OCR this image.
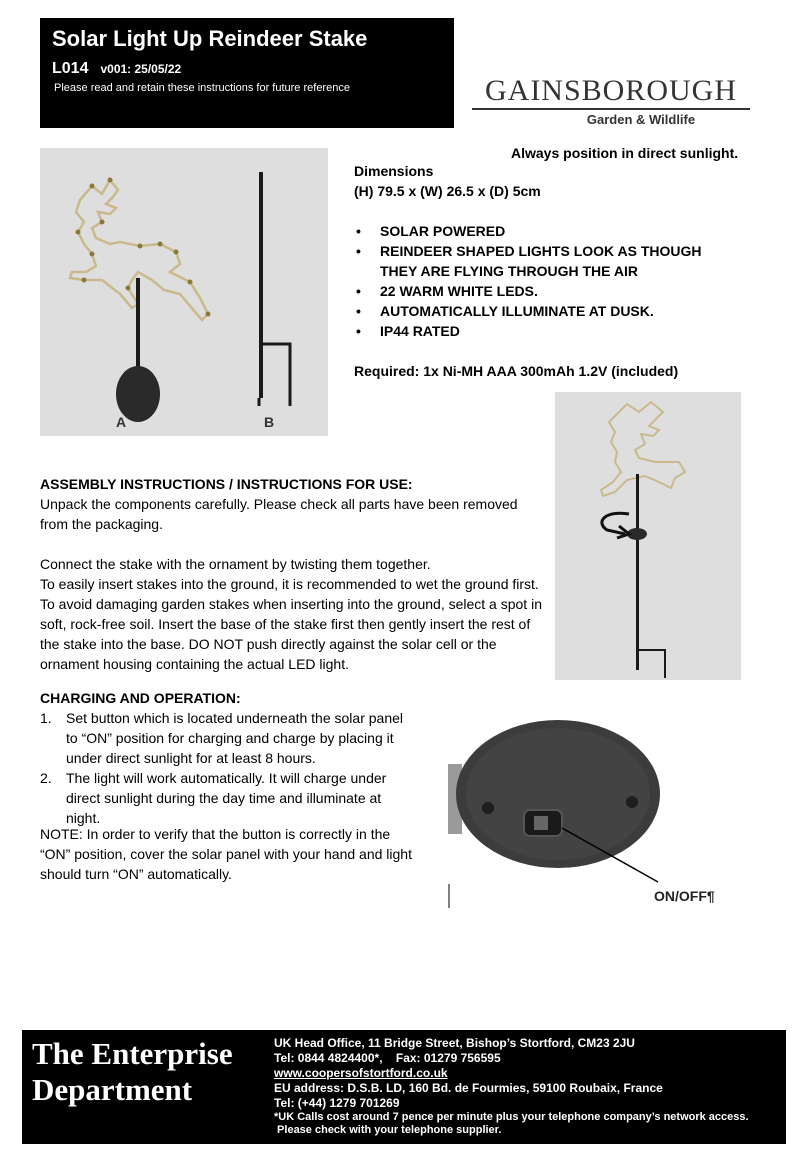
Solar Light Up Reindeer Stake
L014 v001: 25/05/22
Please read and retain these instructions for future reference	GAINSBOROUGH
Garden & Wildlife
A	B
Always position in direct sunlight.
Dimensions
(H) 79.5 x (W) 26.5 x (D) 5cm
• SOLAR POWERED
• REINDEER SHAPED LIGHTS LOOK AS THOUGH THEY ARE FLYING THROUGH THE AIR
• 22 WARM WHITE LEDS.
• AUTOMATICALLY ILLUMINATE AT DUSK.
• IP44 RATED
Required: 1x Ni-MH AAA 300mAh 1.2V (included)
ASSEMBLY INSTRUCTIONS / INSTRUCTIONS FOR USE:
Unpack the components carefully. Please check all parts have been removed from the packaging.
Connect the stake with the ornament by twisting them together.
To easily insert stakes into the ground, it is recommended to wet the ground first. To avoid damaging garden stakes when inserting into the ground, select a spot in soft, rock-free soil. Insert the base of the stake first then gently insert the rest of the stake into the base. DO NOT push directly against the solar cell or the ornament housing containing the actual LED light.
CHARGING AND OPERATION:
1. Set button which is located underneath the solar panel to “ON” position for charging and charge by placing it under direct sunlight for at least 8 hours.
2. The light will work automatically. It will charge under direct sunlight during the day time and illuminate at night.
NOTE: In order to verify that the button is correctly in the “ON” position, cover the solar panel with your hand and light should turn “ON” automatically.
ON/OFF¶
The Enterprise Department
UK Head Office, 11 Bridge Street, Bishop’s Stortford, CM23 2JU
Tel: 0844 4824400*,    Fax: 01279 756595
www.coopersofstortford.co.uk
EU address: D.S.B. LD, 160 Bd. de Fourmies, 59100 Roubaix, France
Tel: (+44) 1279 701269
*UK Calls cost around 7 pence per minute plus your telephone company’s network access.
Please check with your telephone supplier.
